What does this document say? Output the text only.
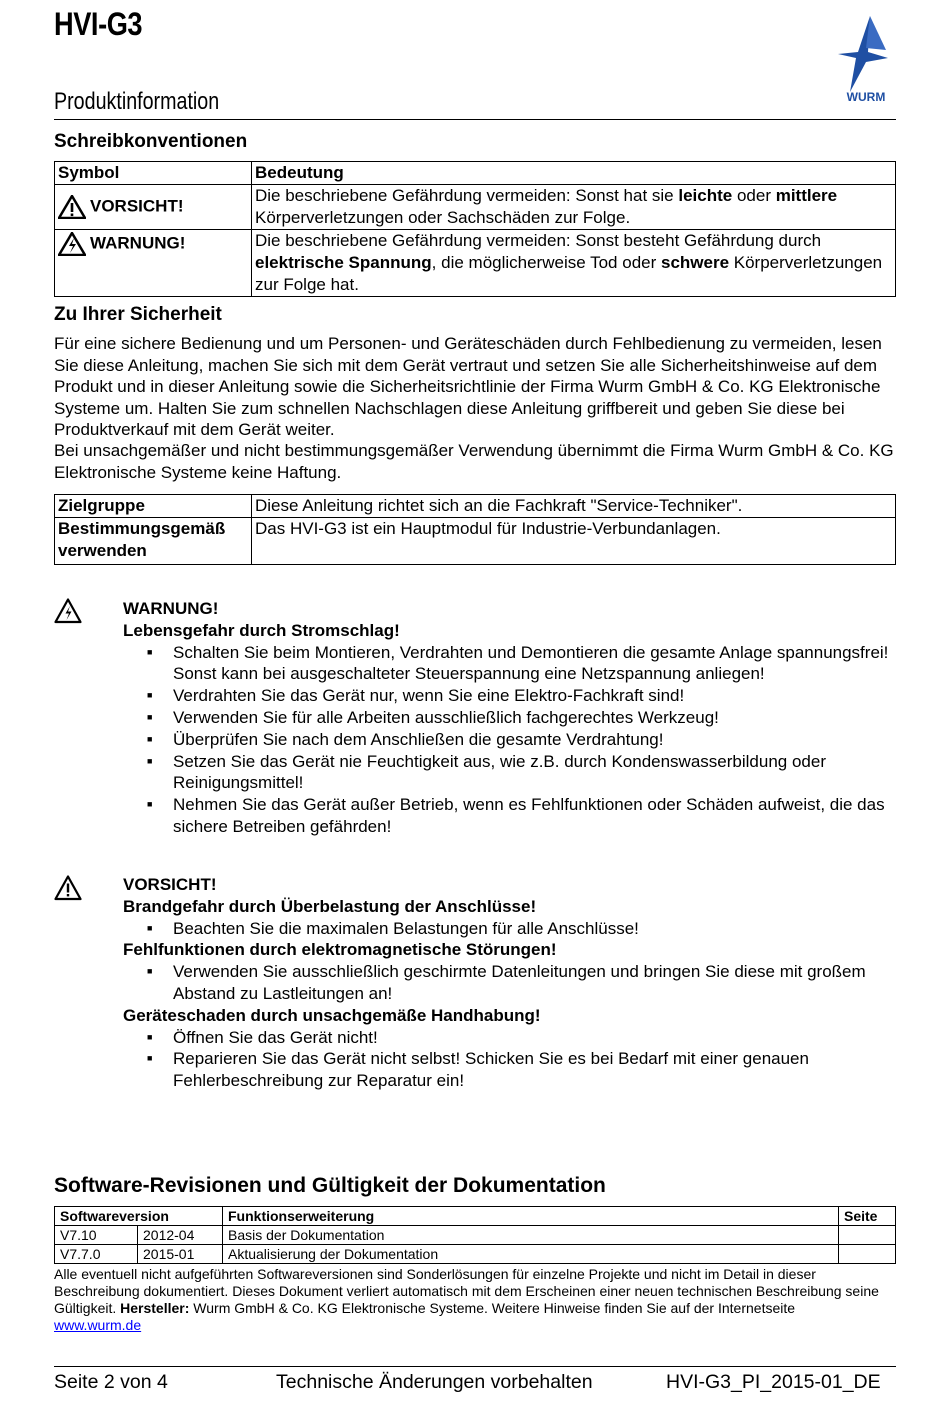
HVI-G3
Produktinformation	WURM
Schreibkonventionen
Symbol	Bedeutung
VORSICHT!	Die beschriebene Gefährdung vermeiden: Sonst hat sie leichte oder mittlere Körperverletzungen oder Sachschäden zur Folge.
WARNUNG!	Die beschriebene Gefährdung vermeiden: Sonst besteht Gefährdung durch elektrische Spannung, die möglicherweise Tod oder schwere Körperverletzungen zur Folge hat.
Zu Ihrer Sicherheit
Für eine sichere Bedienung und um Personen- und Geräteschäden durch Fehlbedienung zu vermeiden, lesen Sie diese Anleitung, machen Sie sich mit dem Gerät vertraut und setzen Sie alle Sicherheitshinweise auf dem Produkt und in dieser Anleitung sowie die Sicherheitsrichtlinie der Firma Wurm GmbH & Co. KG Elektronische Systeme um. Halten Sie zum schnellen Nachschlagen diese Anleitung griffbereit und geben Sie diese bei Produktverkauf mit dem Gerät weiter.
Bei unsachgemäßer und nicht bestimmungsgemäßer Verwendung übernimmt die Firma Wurm GmbH & Co. KG Elektronische Systeme keine Haftung.
Zielgruppe	Diese Anleitung richtet sich an die Fachkraft "Service-Techniker".
Bestimmungsgemäß verwenden	Das HVI-G3 ist ein Hauptmodul für Industrie-Verbundanlagen.
WARNUNG!
Lebensgefahr durch Stromschlag!
■ Schalten Sie beim Montieren, Verdrahten und Demontieren die gesamte Anlage spannungsfrei! Sonst kann bei ausgeschalteter Steuerspannung eine Netzspannung anliegen!
■ Verdrahten Sie das Gerät nur, wenn Sie eine Elektro-Fachkraft sind!
■ Verwenden Sie für alle Arbeiten ausschließlich fachgerechtes Werkzeug!
■ Überprüfen Sie nach dem Anschließen die gesamte Verdrahtung!
■ Setzen Sie das Gerät nie Feuchtigkeit aus, wie z.B. durch Kondenswasserbildung oder Reinigungsmittel!
■ Nehmen Sie das Gerät außer Betrieb, wenn es Fehlfunktionen oder Schäden aufweist, die das sichere Betreiben gefährden!
VORSICHT!
Brandgefahr durch Überbelastung der Anschlüsse!
■ Beachten Sie die maximalen Belastungen für alle Anschlüsse!
Fehlfunktionen durch elektromagnetische Störungen!
■ Verwenden Sie ausschließlich geschirmte Datenleitungen und bringen Sie diese mit großem Abstand zu Lastleitungen an!
Geräteschaden durch unsachgemäße Handhabung!
■ Öffnen Sie das Gerät nicht!
■ Reparieren Sie das Gerät nicht selbst! Schicken Sie es bei Bedarf mit einer genauen Fehlerbeschreibung zur Reparatur ein!
Software-Revisionen und Gültigkeit der Dokumentation
Softwareversion		Funktionserweiterung	Seite
V7.10	2012-04	Basis der Dokumentation	
V7.7.0	2015-01	Aktualisierung der Dokumentation	
Alle eventuell nicht aufgeführten Softwareversionen sind Sonderlösungen für einzelne Projekte und nicht im Detail in dieser Beschreibung dokumentiert. Dieses Dokument verliert automatisch mit dem Erscheinen einer neuen technischen Beschreibung seine Gültigkeit. Hersteller: Wurm GmbH & Co. KG Elektronische Systeme. Weitere Hinweise finden Sie auf der Internetseite
www.wurm.de
Seite 2 von 4	Technische Änderungen vorbehalten	HVI-G3_PI_2015-01_DE
